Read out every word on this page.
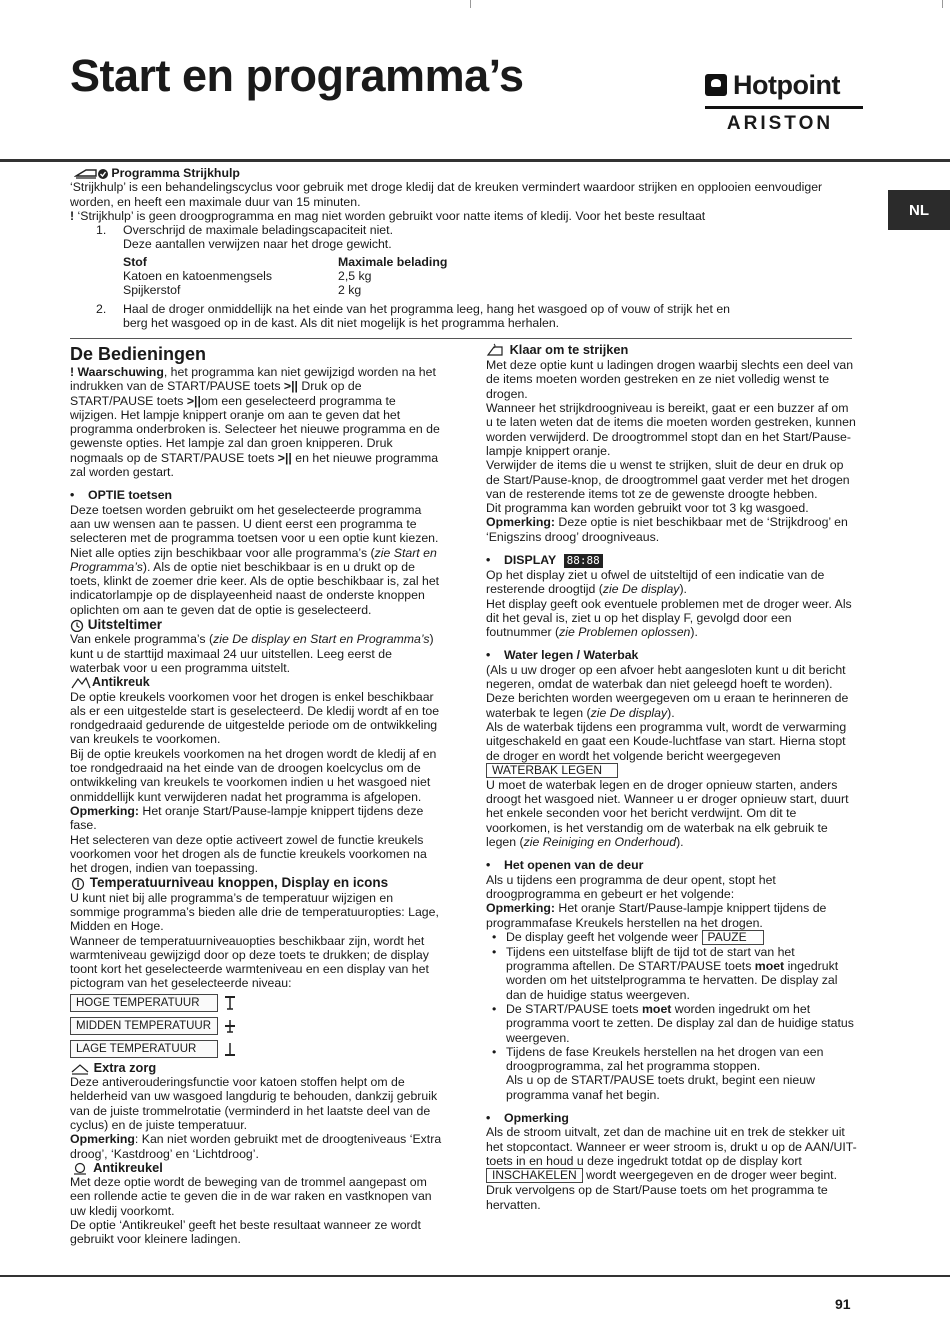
Start en programma’s	Hotpoint
ARISTON
NL
Programma Strijkhulp

‘Strijkhulp’ is een behandelingscyclus voor gebruik met droge kledij dat de kreuken vermindert waardoor strijken en opplooien eenvoudiger worden, en heeft een maximale duur van 15 minuten.

! ‘Strijkhulp’ is geen droogprogramma en mag niet worden gebruikt voor natte items of kledij. Voor het beste resultaat

1.	Overschrijd de maximale beladingscapaciteit niet.

Deze aantallen verwijzen naar het droge gewicht.

Stof	Maximale belading
Katoen en katoenmengsels	2,5 kg
Spijkerstof	2 kg
2.	Haal de droger onmiddellijk na het einde van het programma leeg, hang het wasgoed op of vouw of strijk het en berg het wasgoed op in de kast. Als dit niet mogelijk is het programma herhalen.

De Bedieningen

! Waarschuwing, het programma kan niet gewijzigd worden na het indrukken van de START/PAUSE toets >|| Druk op de START/PAUSE toets >||om een geselecteerd programma te wijzigen. Het lampje knippert oranje om aan te geven dat het programma onderbroken is. Selecteer het nieuwe programma en de gewenste opties. Het lampje zal dan groen knipperen. Druk nogmaals op de START/PAUSE toets >|| en het nieuwe programma zal worden gestart.

• OPTIE toetsen

Deze toetsen worden gebruikt om het geselecteerde programma aan uw wensen aan te passen. U dient eerst een programma te selecteren met de programma toetsen voor u een optie kunt kiezen. Niet alle opties zijn beschikbaar voor alle programma’s (zie Start en Programma’s). Als de optie niet beschikbaar is en u drukt op de toets, klinkt de zoemer drie keer. Als de optie beschikbaar is, zal het indicatorlampje op de displayeenheid naast de onderste knoppen oplichten om aan te geven dat de optie is geselecteerd.

Uitsteltimer

Van enkele programma’s (zie De display en Start en Programma’s) kunt u de starttijd maximaal 24 uur uitstellen. Leeg eerst de waterbak voor u een programma uitstelt.

Antikreuk

De optie kreukels voorkomen voor het drogen is enkel beschikbaar als er een uitgestelde start is geselecteerd. De kledij wordt af en toe rondgedraaid gedurende de uitgestelde periode om de ontwikkeling van kreukels te voorkomen.

Bij de optie kreukels voorkomen na het drogen wordt de kledij af en toe rondgedraaid na het einde van de droogen koelcyclus om de ontwikkeling van kreukels te voorkomen indien u het wasgoed niet onmiddellijk kunt verwijderen nadat het programma is afgelopen. Opmerking: Het oranje Start/Pause-lampje knippert tijdens deze fase.

Het selecteren van deze optie activeert zowel de functie kreukels voorkomen voor het drogen als de functie kreukels voorkomen na het drogen, indien van toepassing.

Temperatuurniveau knoppen, Display en icons

U kunt niet bij alle programma’s de temperatuur wijzigen en sommige programma’s bieden alle drie de temperatuuropties: Lage, Midden en Hoge.

Wanneer de temperatuurniveauopties beschikbaar zijn, wordt het warmteniveau gewijzigd door op deze toets te drukken; de display toont kort het geselecteerde warmteniveau en een display van het pictogram van het geselecteerde niveau:

HOGE TEMPERATUUR
MIDDEN TEMPERATUUR
LAGE TEMPERATUUR
Extra zorg

Deze antiverouderingsfunctie voor katoen stoffen helpt om de helderheid van uw wasgoed langdurig te behouden, dankzij gebruik van de juiste trommelrotatie (verminderd in het laatste deel van de cyclus) en de juiste temperatuur.

Opmerking: Kan niet worden gebruikt met de droogteniveaus ‘Extra droog’, ‘Kastdroog’ en ‘Lichtdroog’.

Antikreukel

Met deze optie wordt de beweging van de trommel aangepast om een rollende actie te geven die in de war raken en vastknopen van uw kledij voorkomt.

De optie ‘Antikreukel’ geeft het beste resultaat wanneer ze wordt gebruikt voor kleinere ladingen.

Klaar om te strijken

Met deze optie kunt u ladingen drogen waarbij slechts een deel van de items moeten worden gestreken en ze niet volledig wenst te drogen.

Wanneer het strijkdroogniveau is bereikt, gaat er een buzzer af om u te laten weten dat de items die moeten worden gestreken, kunnen worden verwijderd. De droogtrommel stopt dan en het Start/Pause-lampje knippert oranje.

Verwijder de items die u wenst te strijken, sluit de deur en druk op de Start/Pause-knop, de droogtrommel gaat verder met het drogen van de resterende items tot ze de gewenste droogte hebben.

Dit programma kan worden gebruikt voor tot 3 kg wasgoed.

Opmerking: Deze optie is niet beschikbaar met de ‘Strijkdroog’ en ‘Enigszins droog’ droogniveaus.

• DISPLAY 88:88

Op het display ziet u ofwel de uitsteltijd of een indicatie van de resterende droogtijd (zie De display).

Het display geeft ook eventuele problemen met de droger weer. Als dit het geval is, ziet u op het display F, gevolgd door een foutnummer (zie Problemen oplossen).

• Water legen / Waterbak

(Als u uw droger op een afvoer hebt aangesloten kunt u dit bericht negeren, omdat de waterbak dan niet geleegd hoeft te worden).

Deze berichten worden weergegeven om u eraan te herinneren de waterbak te legen (zie De display).

Als de waterbak tijdens een programma vult, wordt de verwarming uitgeschakeld en gaat een Koude-luchtfase van start. Hierna stopt de droger en wordt het volgende bericht weergegeven WATERBAK LEGEN

U moet de waterbak legen en de droger opnieuw starten, anders droogt het wasgoed niet. Wanneer u er droger opnieuw start, duurt het enkele seconden voor het bericht verdwijnt. Om dit te voorkomen, is het verstandig om de waterbak na elk gebruik te legen (zie Reiniging en Onderhoud).

• Het openen van de deur

Als u tijdens een programma de deur opent, stopt het droogprogramma en gebeurt er het volgende:

Opmerking: Het oranje Start/Pause-lampje knippert tijdens de programmafase Kreukels herstellen na het drogen.

• De display geeft het volgende weer PAUZE
• Tijdens een uitstelfase blijft de tijd tot de start van het programma aftellen. De START/PAUSE toets moet ingedrukt worden om het uitstelprogramma te hervatten. De display zal dan de huidige status weergeven.
• De START/PAUSE toets moet worden ingedrukt om het programma voort te zetten. De display zal dan de huidige status weergeven.

• Tijdens de fase Kreukels herstellen na het drogen van een droogprogramma, zal het programma stoppen.

Als u op de START/PAUSE toets drukt, begint een nieuw programma vanaf het begin.

• Opmerking

Als de stroom uitvalt, zet dan de machine uit en trek de stekker uit het stopcontact. Wanneer er weer stroom is, drukt u op de AAN/UIT-toets in en houd u deze ingedrukt totdat op de display kort INSCHAKELEN wordt weergegeven en de droger weer begint. Druk vervolgens op de Start/Pause toets om het programma te hervatten.

91
